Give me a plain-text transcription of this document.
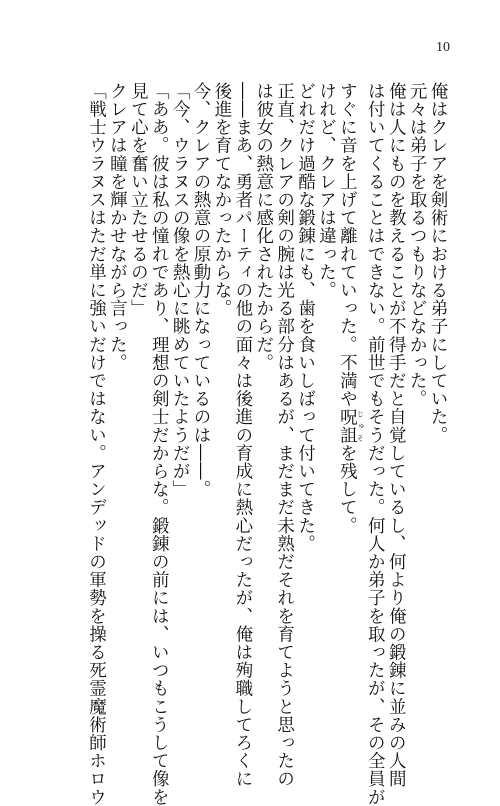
10

俺はクレアを剣術における弟子にしていた。

元々は弟子を取るつもりなどなかった。

俺は人にものを教えることが不得手だと自覚しているし、何より俺の鍛錬に並みの人間

は付いてくることはできない。前世でもそうだった。何人か弟子を取ったが、その全員が

すぐに音を上げて離れていった。不満や呪詛 じゅそを残して。

けれど、クレアは違った。

どれだけ過酷な鍛錬にも、歯を食いしばって付いてきた。

正直、クレアの剣の腕は光る部分はあるが、まだまだ未熟だそれを育てようと思ったの

は彼女の熱意に感化されたからだ。

――まあ、勇者パーティの他の面々は後進の育成に熱心だったが、俺は殉職してろくに

後進を育てなかったからな。

今、クレアの熱意の原動力になっているのは――。

「今、ウラヌスの像を熱心に眺めていたようだが」

「ああ。彼は私の憧れであり、理想の剣士だからな。鍛錬の前には、いつもこうして像を

見て心を奮い立たせるのだ」

クレアは瞳を輝かせながら言った。

「戦士ウラヌスはただ単に強いだけではない。アンデッドの軍勢を操る死霊魔術師ホロウ
